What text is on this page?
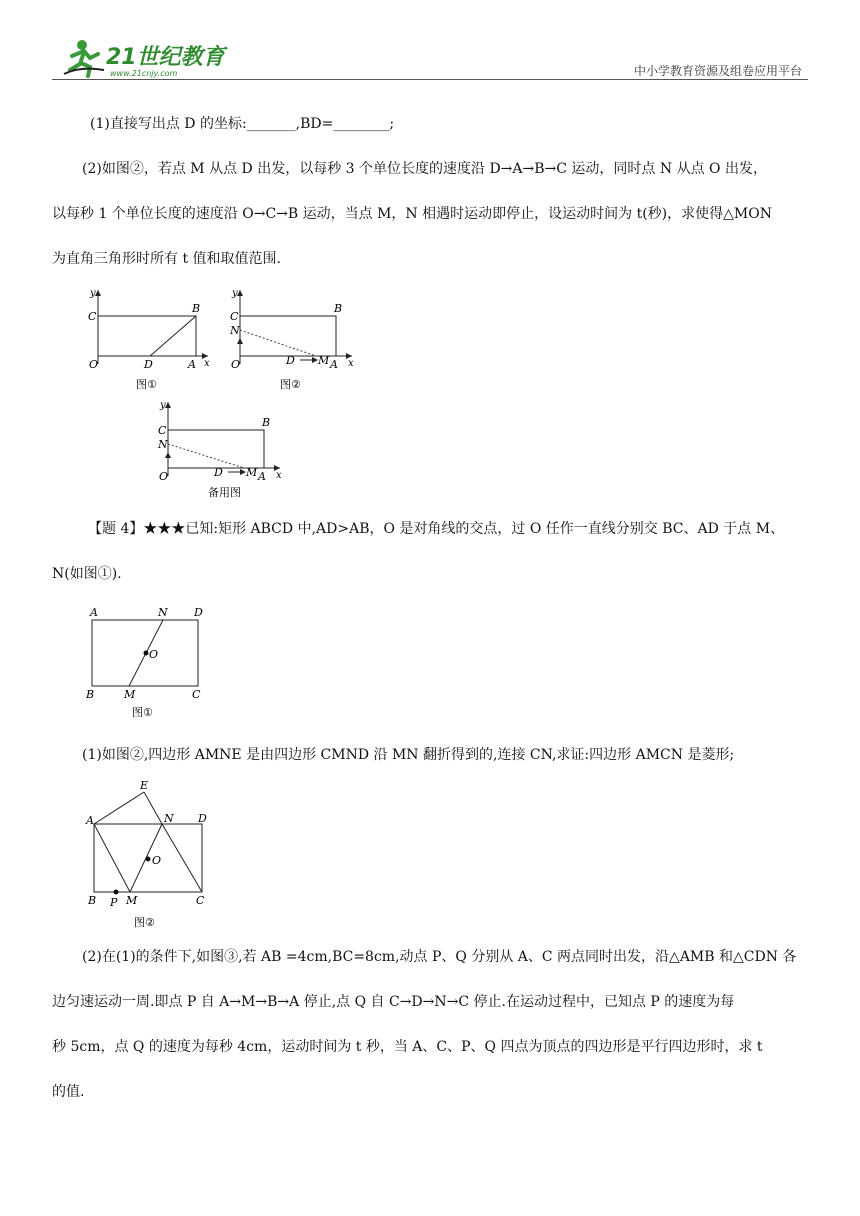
21世纪教育
www.21cnjy.com	中小学教育资源及组卷应用平台
(1)直接写出点 D 的坐标:_______,BD=________;
(2)如图②，若点 M 从点 D 出发，以每秒 3 个单位长度的速度沿 D→A→B→C 运动，同时点 N 从点 O 出发，
以每秒 1 个单位长度的速度沿 O→C→B 运动，当点 M，N 相遇时运动即停止，设运动时间为 t(秒)，求使得△MON
为直角三角形时所有 t 值和取值范围.
y
x
O
C
B
D	A
图①
y
x
O
C
B
N
D M A
图②
y
x
O
C
B
N
D M A
备用图
【题 4】★★★已知:矩形 ABCD 中,AD>AB，O 是对角线的交点，过 O 任作一直线分别交 BC、AD 于点 M、
N(如图①).
A	N D
O
B	M	C
图①
(1)如图②,四边形 AMNE 是由四边形 CMND 沿 MN 翻折得到的,连接 CN,求证:四边形 AMCN 是菱形;
E
A	N D
O
B P M	C
图②
(2)在(1)的条件下,如图③,若 AB =4cm,BC=8cm,动点 P、Q 分别从 A、C 两点同时出发，沿△AMB 和△CDN 各
边匀速运动一周.即点 P 自 A→M→B→A 停止,点 Q 自 C→D→N→C 停止.在运动过程中，已知点 P 的速度为每
秒 5cm，点 Q 的速度为每秒 4cm，运动时间为 t 秒，当 A、C、P、Q 四点为顶点的四边形是平行四边形时，求 t
的值.
